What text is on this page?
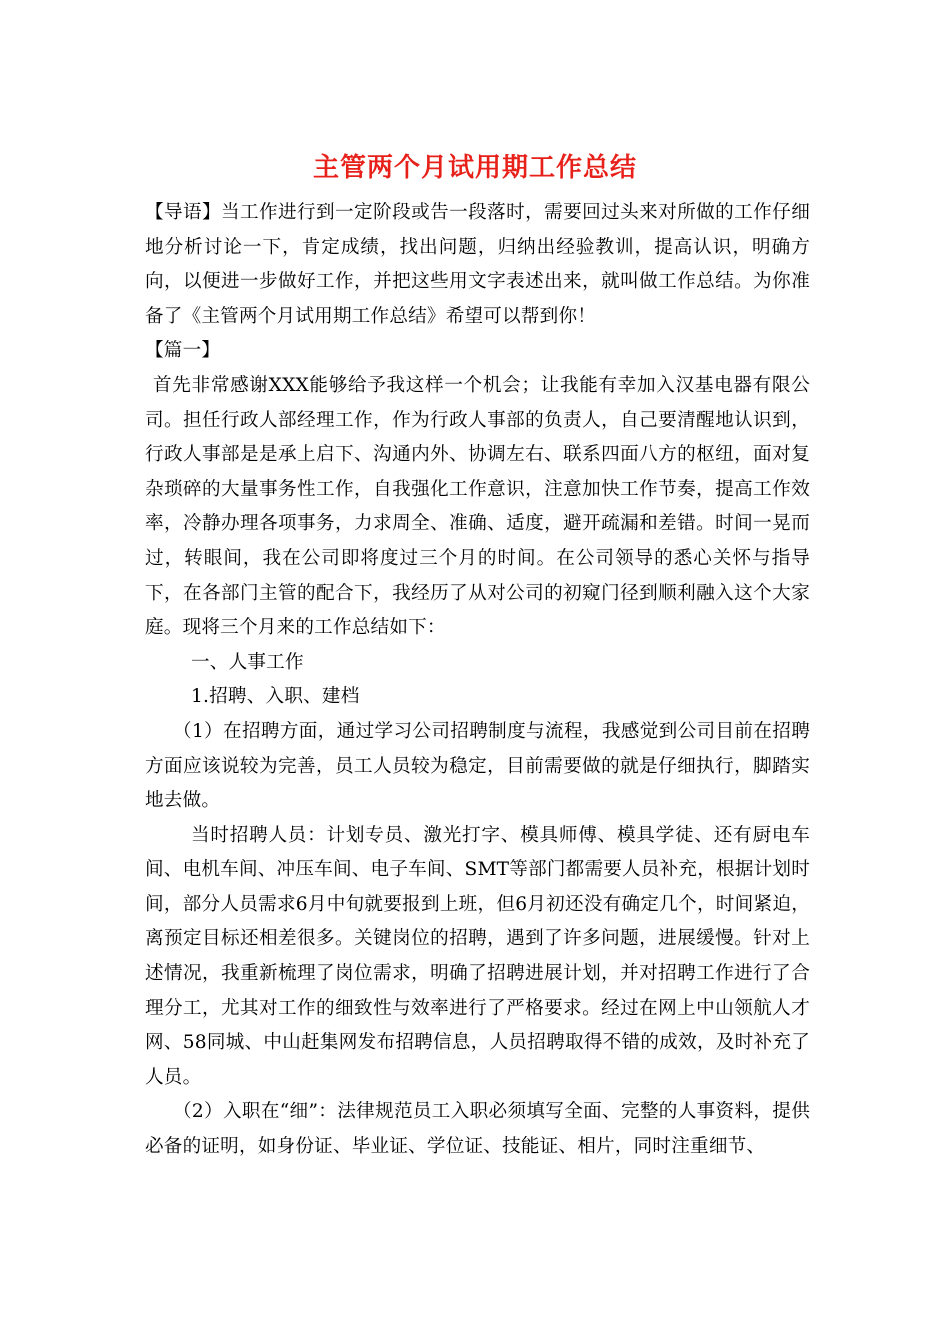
主管两个月试用期工作总结

【导语】当工作进行到一定阶段或告一段落时，需要回过头来对所做的工作仔细地分析讨论一下，肯定成绩，找出问题，归纳出经验教训，提高认识，明确方向，以便进一步做好工作，并把这些用文字表述出来，就叫做工作总结。为你准备了《主管两个月试用期工作总结》希望可以帮到你！

【篇一】

首先非常感谢XXX能够给予我这样一个机会；让我能有幸加入汉基电器有限公司。担任行政人部经理工作，作为行政人事部的负责人，自己要清醒地认识到，行政人事部是是承上启下、沟通内外、协调左右、联系四面八方的枢纽，面对复杂琐碎的大量事务性工作，自我强化工作意识，注意加快工作节奏，提高工作效率，冷静办理各项事务，力求周全、准确、适度，避开疏漏和差错。时间一晃而过，转眼间，我在公司即将度过三个月的时间。在公司领导的悉心关怀与指导下，在各部门主管的配合下，我经历了从对公司的初窥门径到顺利融入这个大家庭。现将三个月来的工作总结如下：

一、人事工作

1.招聘、入职、建档

（1）在招聘方面，通过学习公司招聘制度与流程，我感觉到公司目前在招聘方面应该说较为完善，员工人员较为稳定，目前需要做的就是仔细执行，脚踏实地去做。

当时招聘人员：计划专员、激光打字、模具师傅、模具学徒、还有厨电车间、电机车间、冲压车间、电子车间、SMT等部门都需要人员补充，根据计划时间，部分人员需求6月中旬就要报到上班，但6月初还没有确定几个，时间紧迫，离预定目标还相差很多。关键岗位的招聘，遇到了许多问题，进展缓慢。针对上述情况，我重新梳理了岗位需求，明确了招聘进展计划，并对招聘工作进行了合理分工，尤其对工作的细致性与效率进行了严格要求。经过在网上中山领航人才网、58同城、中山赶集网发布招聘信息，人员招聘取得不错的成效，及时补充了人员。

（2）入职在“细”：法律规范员工入职必须填写全面、完整的人事资料，提供必备的证明，如身份证、毕业证、学位证、技能证、相片，同时注重细节、
